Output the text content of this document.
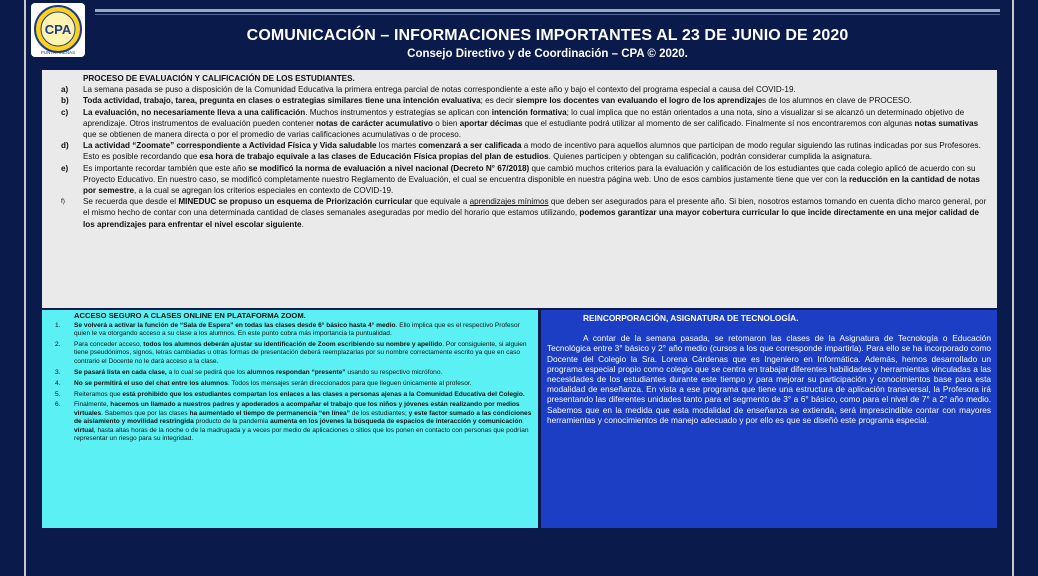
CPA
PUNTA ARENAS
COMUNICACIÓN – INFORMACIONES IMPORTANTES AL 23 DE JUNIO DE 2020
Consejo Directivo y de Coordinación – CPA © 2020.
PROCESO DE EVALUACIÓN Y CALIFICACIÓN DE LOS ESTUDIANTES.
a) La semana pasada se puso a disposición de la Comunidad Educativa la primera entrega parcial de notas correspondiente a este año y bajo el contexto del programa especial a causa del COVID-19.
b) Toda actividad, trabajo, tarea, pregunta en clases o estrategias similares tiene una intención evaluativa; es decir siempre los docentes van evaluando el logro de los aprendizajes de los alumnos en clave de PROCESO.
c) La evaluación, no necesariamente lleva a una calificación. Muchos instrumentos y estrategias se aplican con intención formativa; lo cual implica que no están orientados a una nota, sino a visualizar si se alcanzó un determinado objetivo de aprendizaje. Otros instrumentos de evaluación pueden contener notas de carácter acumulativo o bien aportar décimas que el estudiante podrá utilizar al momento de ser calificado. Finalmente sí nos encontraremos con algunas notas sumativas que se obtienen de manera directa o por el promedio de varias calificaciones acumulativas o de proceso.
d) La actividad “Zoomate” correspondiente a Actividad Física y Vida saludable los martes comenzará a ser calificada a modo de incentivo para aquellos alumnos que participan de modo regular siguiendo las rutinas indicadas por sus Profesores. Esto es posible recordando que esa hora de trabajo equivale a las clases de Educación Física propias del plan de estudios. Quienes participen y obtengan su calificación, podrán considerar cumplida la asignatura.
e) Es importante recordar también que este año se modificó la norma de evaluación a nivel nacional (Decreto N° 67/2018) que cambió muchos criterios para la evaluación y calificación de los estudiantes que cada colegio aplicó de acuerdo con su Proyecto Educativo. En nuestro caso, se modificó completamente nuestro Reglamento de Evaluación, el cual se encuentra disponible en nuestra página web. Uno de esos cambios justamente tiene que ver con la reducción en la cantidad de notas por semestre, a la cual se agregan los criterios especiales en contexto de COVID-19.
f) Se recuerda que desde el MINEDUC se propuso un esquema de Priorización curricular que equivale a aprendizajes mínimos que deben ser asegurados para el presente año. Si bien, nosotros estamos tomando en cuenta dicho marco general, por el mismo hecho de contar con una determinada cantidad de clases semanales aseguradas por medio del horario que estamos utilizando, podemos garantizar una mayor cobertura curricular lo que incide directamente en una mejor calidad de los aprendizajes para enfrentar el nivel escolar siguiente.
ACCESO SEGURO A CLASES ONLINE EN PLATAFORMA ZOOM.
1. Se volverá a activar la función de “Sala de Espera” en todas las clases desde 6° básico hasta 4° medio. Ello implica que es el respectivo Profesor quien le va otorgando acceso a su clase a los alumnos. En este punto cobra más importancia la puntualidad.
2. Para conceder acceso, todos los alumnos deberán ajustar su identificación de Zoom escribiendo su nombre y apellido. Por consiguiente, si alguien tiene pseudónimos, signos, letras cambiadas u otras formas de presentación deberá reemplazarlas por su nombre correctamente escrito ya que en caso contrario el Docente no le dará acceso a la clase.
3. Se pasará lista en cada clase, a lo cual se pedirá que los alumnos respondan “presente” usando su respectivo micrófono.
4. No se permitirá el uso del chat entre los alumnos. Todos los mensajes serán direccionados para que lleguen únicamente al profesor.
5. Reiteramos que está prohibido que los estudiantes compartan los enlaces a las clases a personas ajenas a la Comunidad Educativa del Colegio.
6. Finalmente, hacemos un llamado a nuestros padres y apoderados a acompañar el trabajo que los niños y jóvenes están realizando por medios virtuales. Sabemos que por las clases ha aumentado el tiempo de permanencia “en línea” de los estudiantes; y este factor sumado a las condiciones de aislamiento y movilidad restringida producto de la pandemia aumenta en los jóvenes la búsqueda de espacios de interacción y comunicación virtual, hasta altas horas de la noche o de la madrugada y a veces por medio de aplicaciones o sitios que los ponen en contacto con personas que podrían representar un riesgo para su integridad.
REINCORPORACIÓN, ASIGNATURA DE TECNOLOGÍA.
A contar de la semana pasada, se retomaron las clases de la Asignatura de Tecnología o Educación Tecnológica entre 3° básico y 2° año medio (cursos a los que corresponde impartirla). Para ello se ha incorporado como Docente del Colegio la Sra. Lorena Cárdenas que es Ingeniero en Informática. Además, hemos desarrollado un programa especial propio como colegio que se centra en trabajar diferentes habilidades y herramientas vinculadas a las necesidades de los estudiantes durante este tiempo y para mejorar su participación y conocimientos base para esta modalidad de enseñanza. En vista a ese programa que tiene una estructura de aplicación transversal, la Profesora irá presentando las diferentes unidades tanto para el segmento de 3° a 6° básico, como para el nivel de 7° a 2° año medio. Sabemos que en la medida que esta modalidad de enseñanza se extienda, será imprescindible contar con mayores herramientas y conocimientos de manejo adecuado y por ello es que se diseñó este programa especial.
